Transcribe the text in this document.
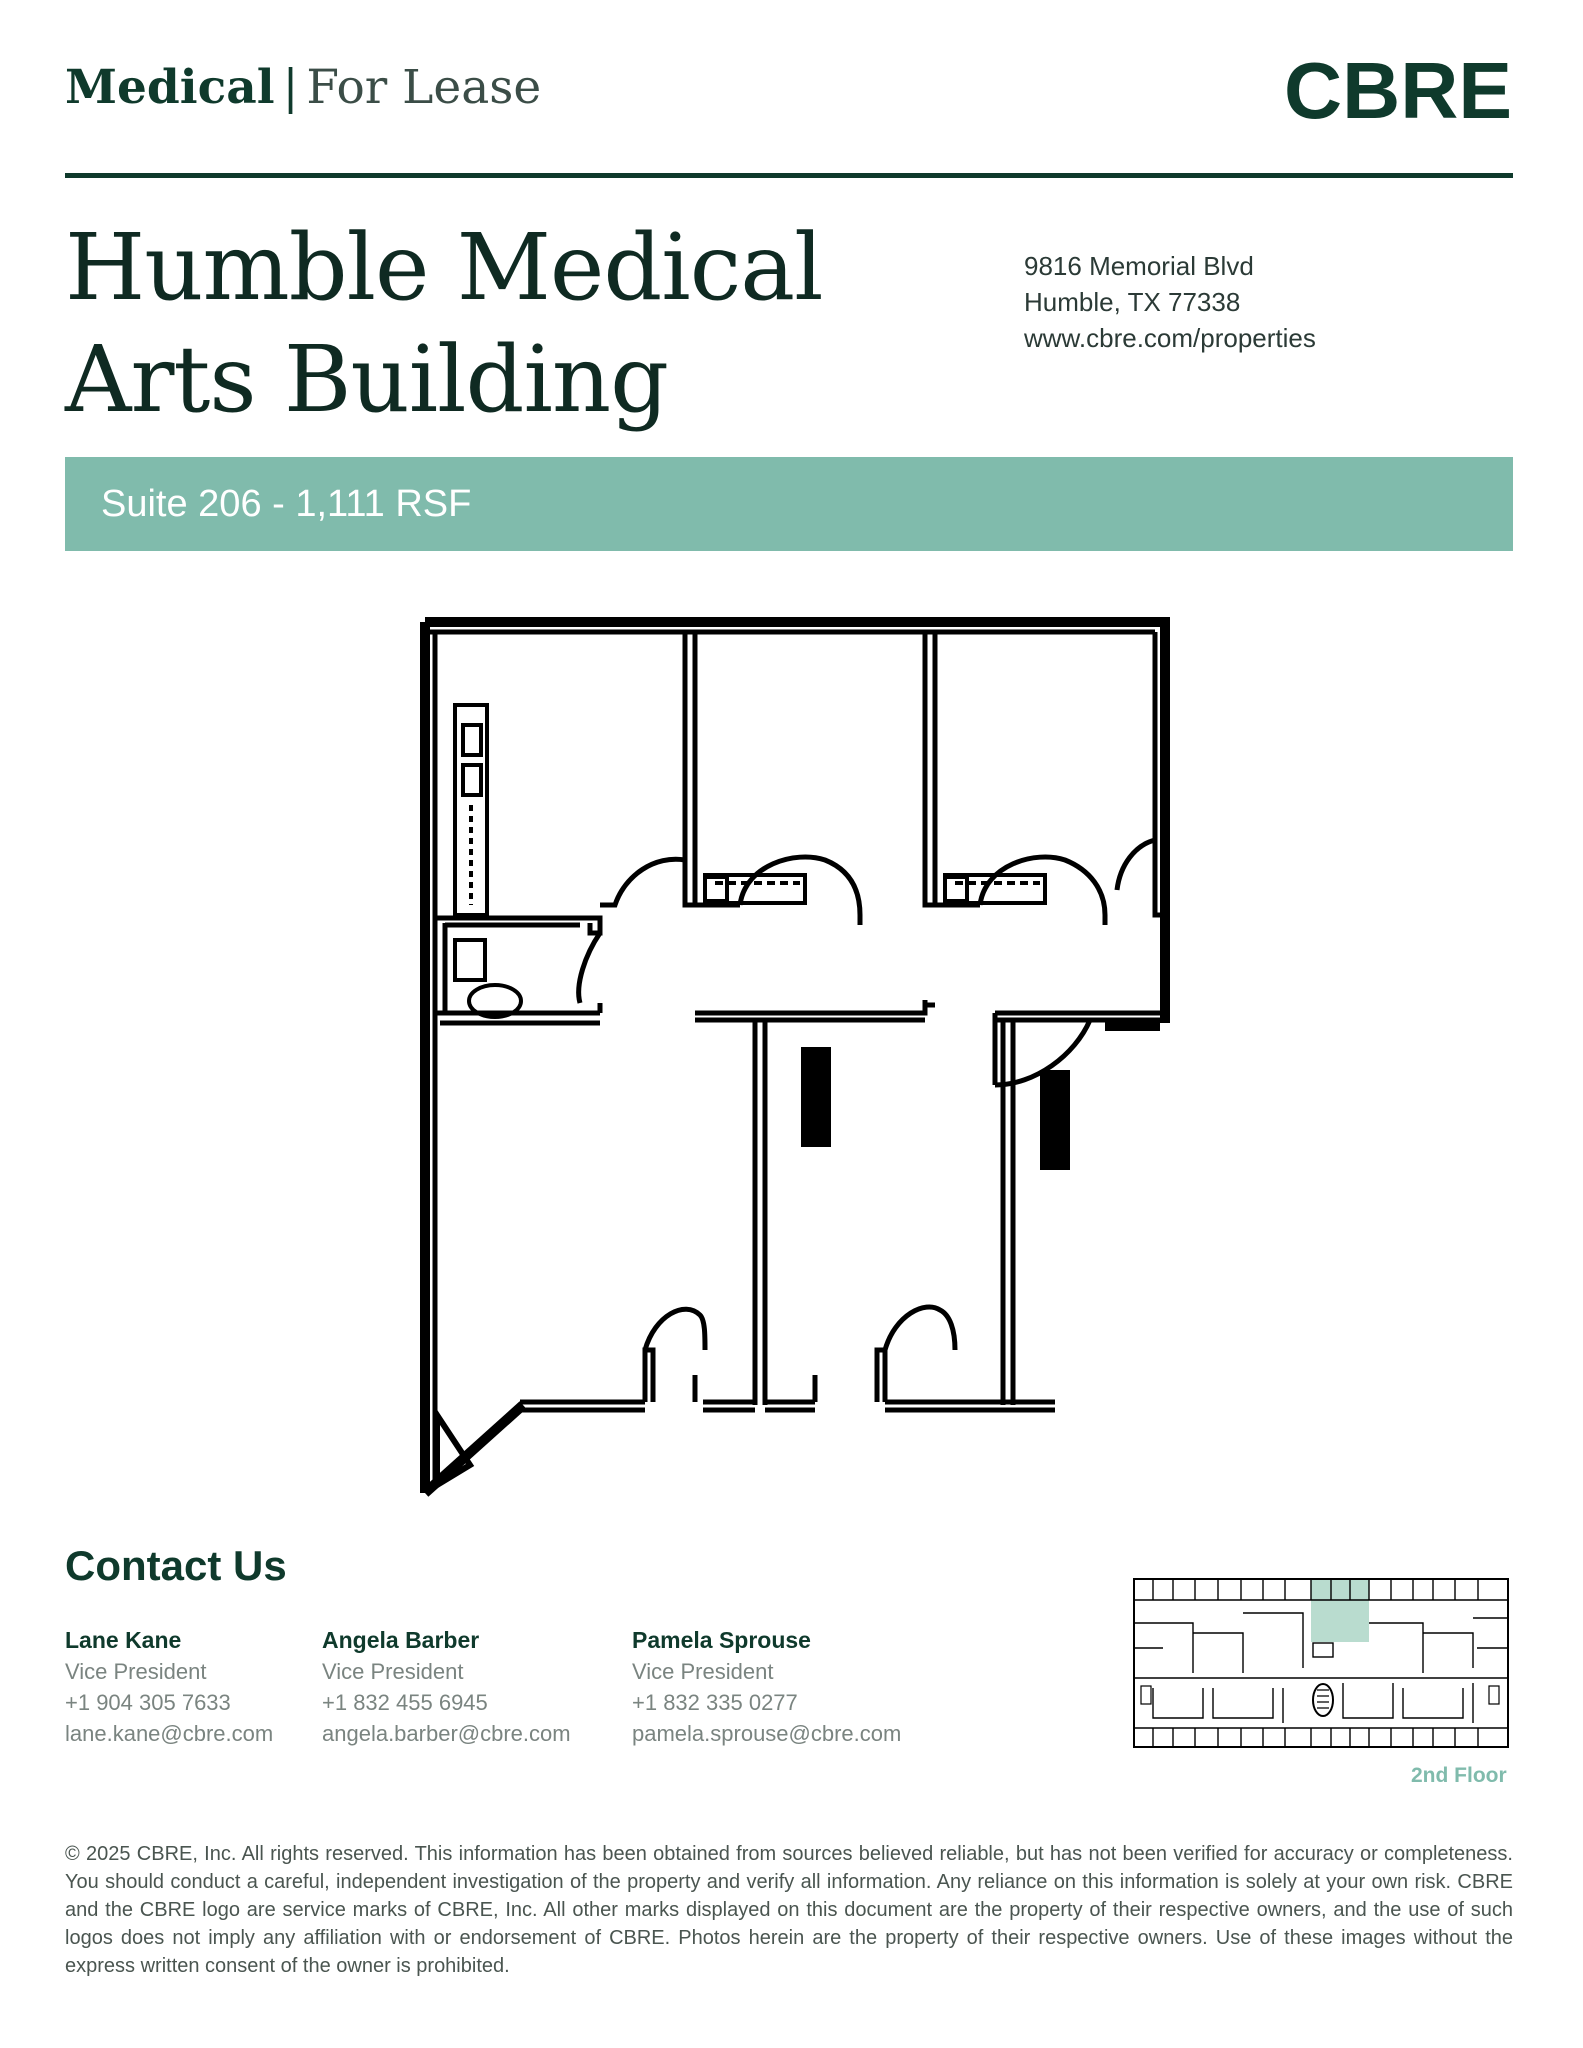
Medical | For Lease	CBRE
Humble Medical
Arts Building
9816 Memorial Blvd
Humble, TX 77338
www.cbre.com/properties
Suite 206 - 1,111 RSF
Contact Us
Lane Kane
Vice President
+1 904 305 7633
lane.kane@cbre.com
Angela Barber
Vice President
+1 832 455 6945
angela.barber@cbre.com
Pamela Sprouse
Vice President
+1 832 335 0277
pamela.sprouse@cbre.com
2nd Floor
© 2025 CBRE, Inc. All rights reserved. This information has been obtained from sources believed reliable, but has not been verified for accuracy or completeness. You should conduct a careful, independent investigation of the property and verify all information. Any reliance on this information is solely at your own risk. CBRE and the CBRE logo are service marks of CBRE, Inc. All other marks displayed on this document are the property of their respective owners, and the use of such logos does not imply any affiliation with or endorsement of CBRE. Photos herein are the property of their respective owners. Use of these images without the express written consent of the owner is prohibited.
